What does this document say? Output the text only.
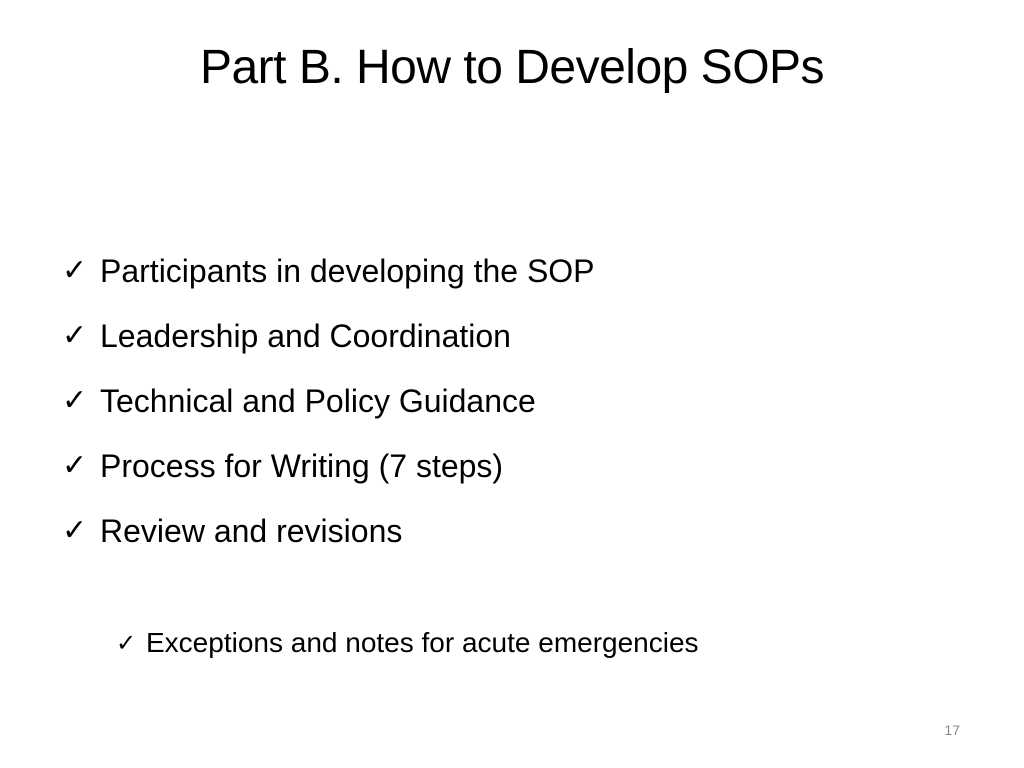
Part B. How to Develop SOPs
✓ Participants in developing the SOP
✓ Leadership and Coordination
✓ Technical and Policy Guidance
✓ Process for Writing (7 steps)
✓ Review and revisions
✓ Exceptions and notes for acute emergencies
17
